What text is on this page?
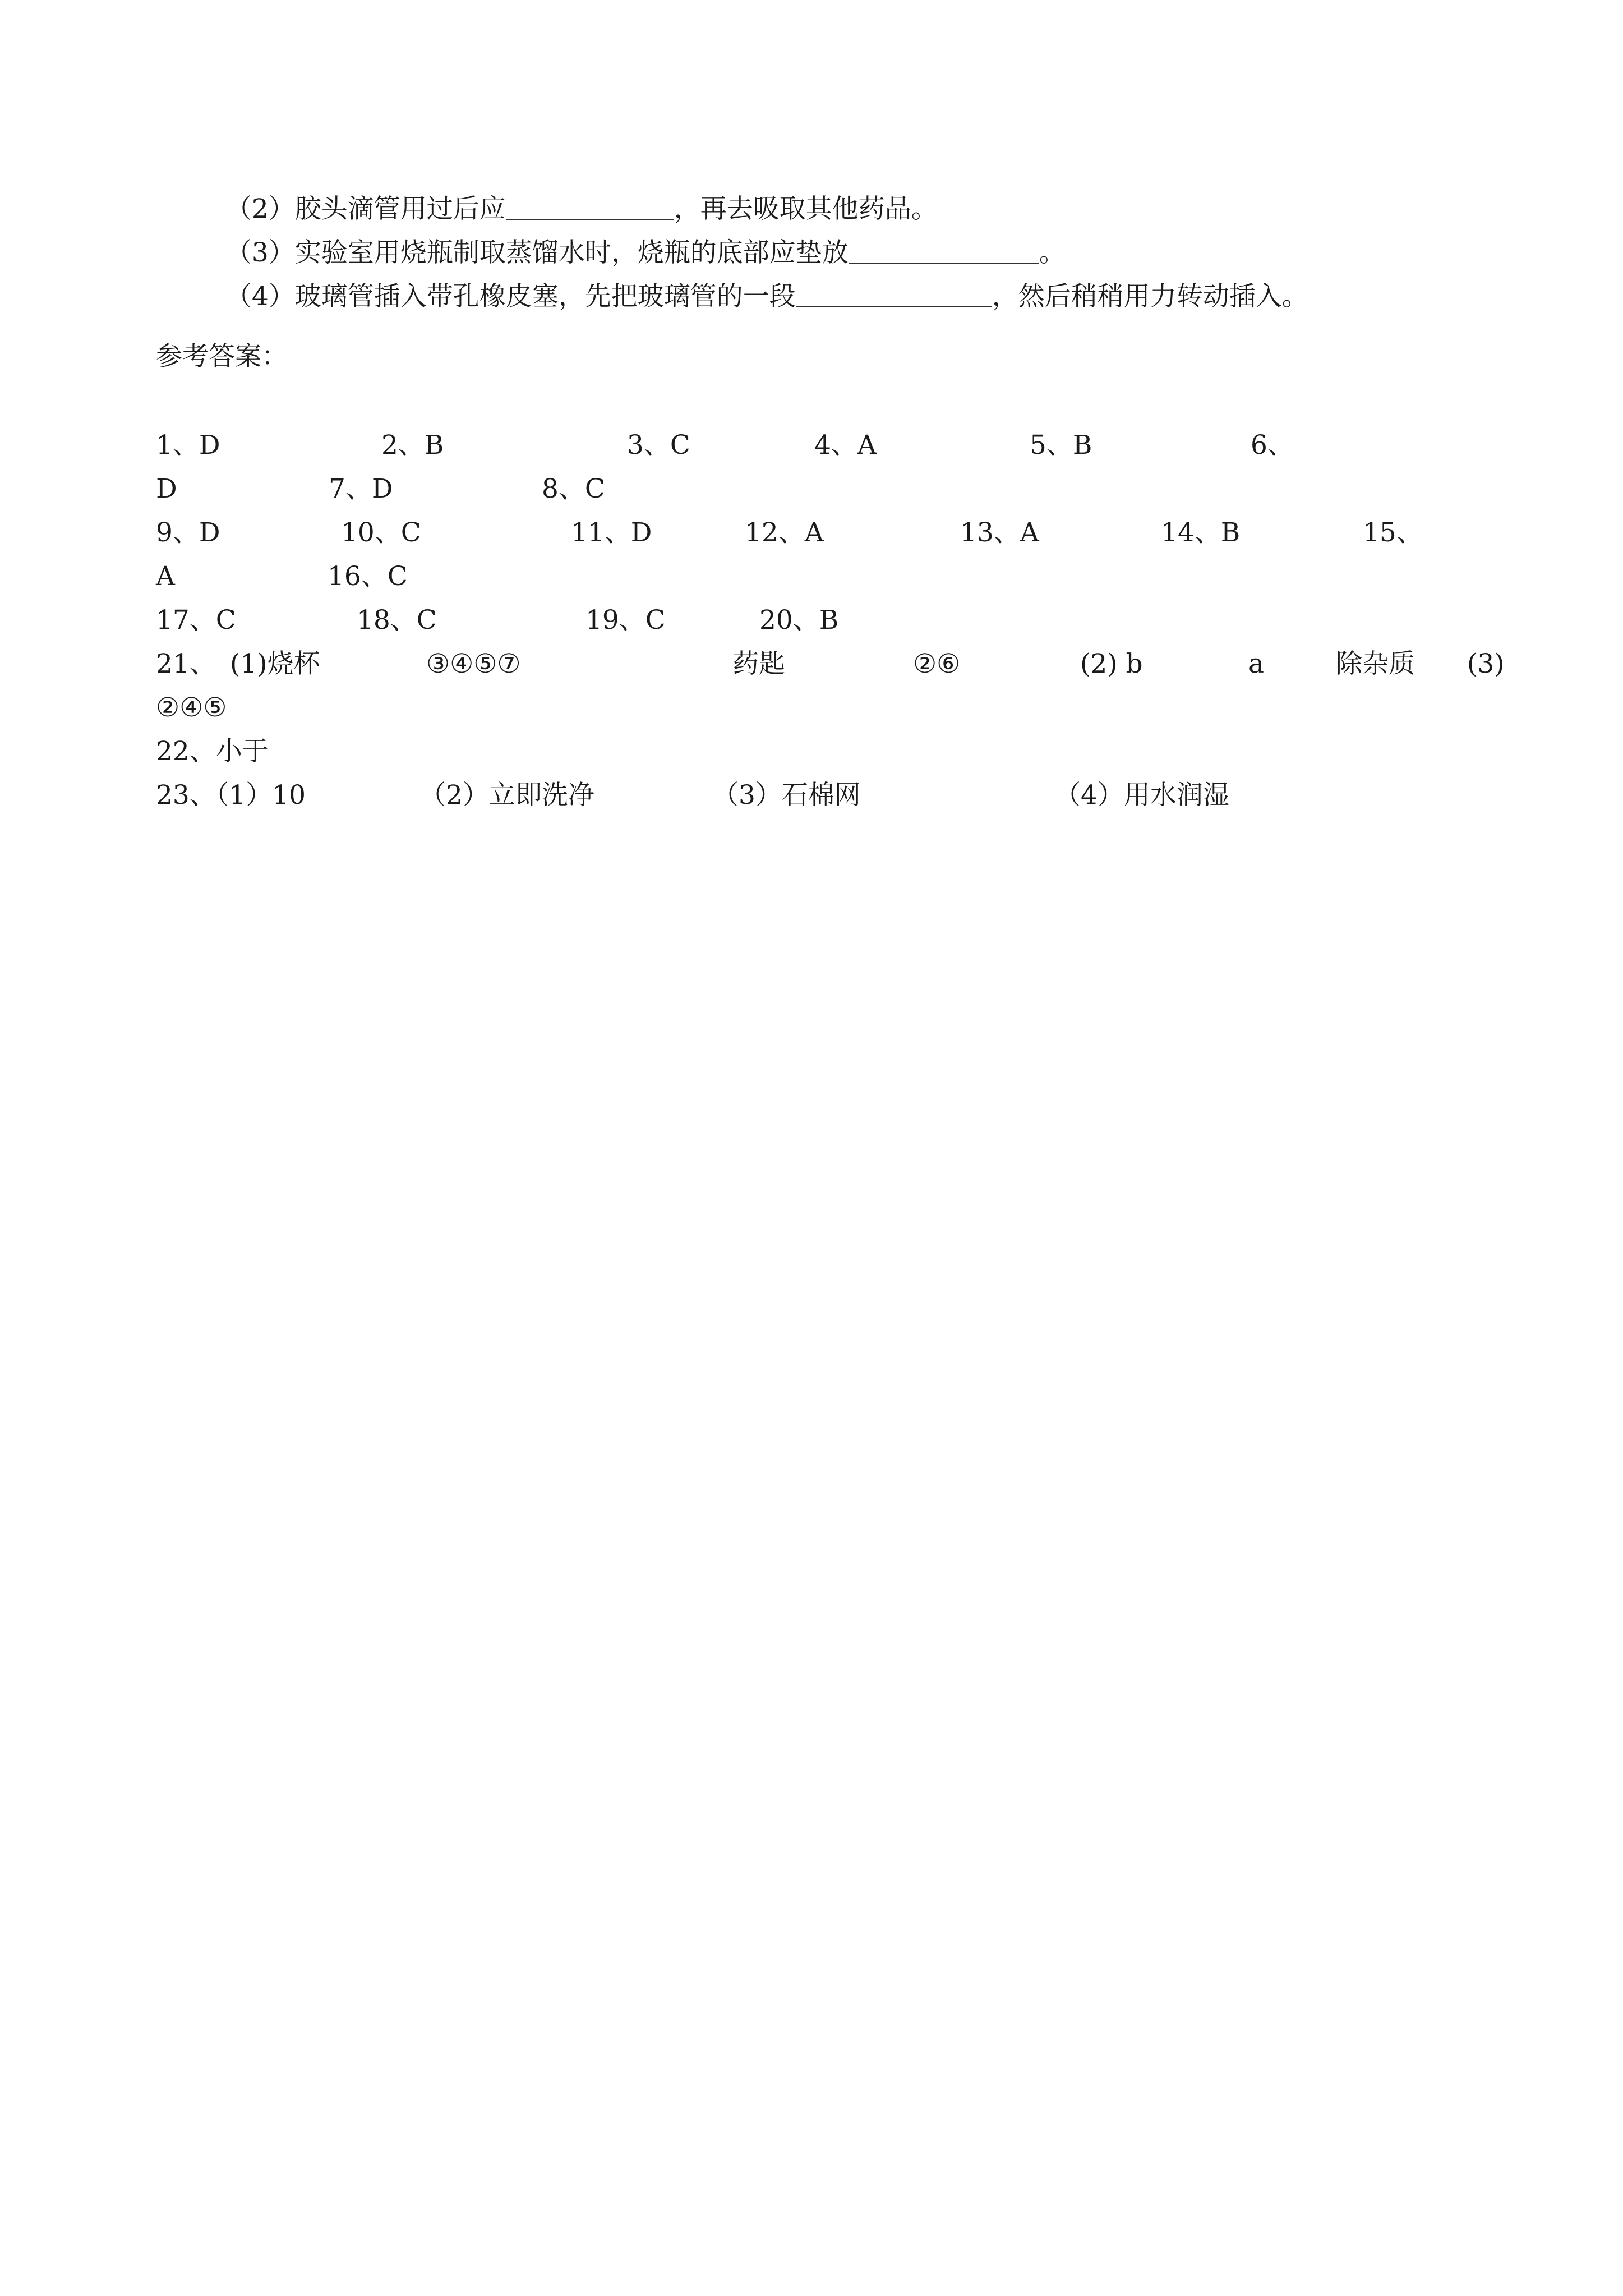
（2）胶头滴管用过后应	，再去吸取其他药品。

（3）实验室用烧瓶制取蒸馏水时，烧瓶的底部应垫放	。

（4）玻璃管插入带孔橡皮塞，先把玻璃管的一段	，然后稍稍用力转动插入。

参考答案：
1、D	2、B	3、C	4、A	5、B	6、
D	7、D	8、C
9、D	10、C	11、D	12、A	13、A	14、B	15、
A	16、C
17、C	18、C	19、C	20、B
21、 (1)烧杯	③④⑤⑦	药匙	②⑥	(2) b	a	除杂质 (3)
②④⑤
22、小于
23、（1）10	（2）立即洗净	（3）石棉网	（4）用水润湿
